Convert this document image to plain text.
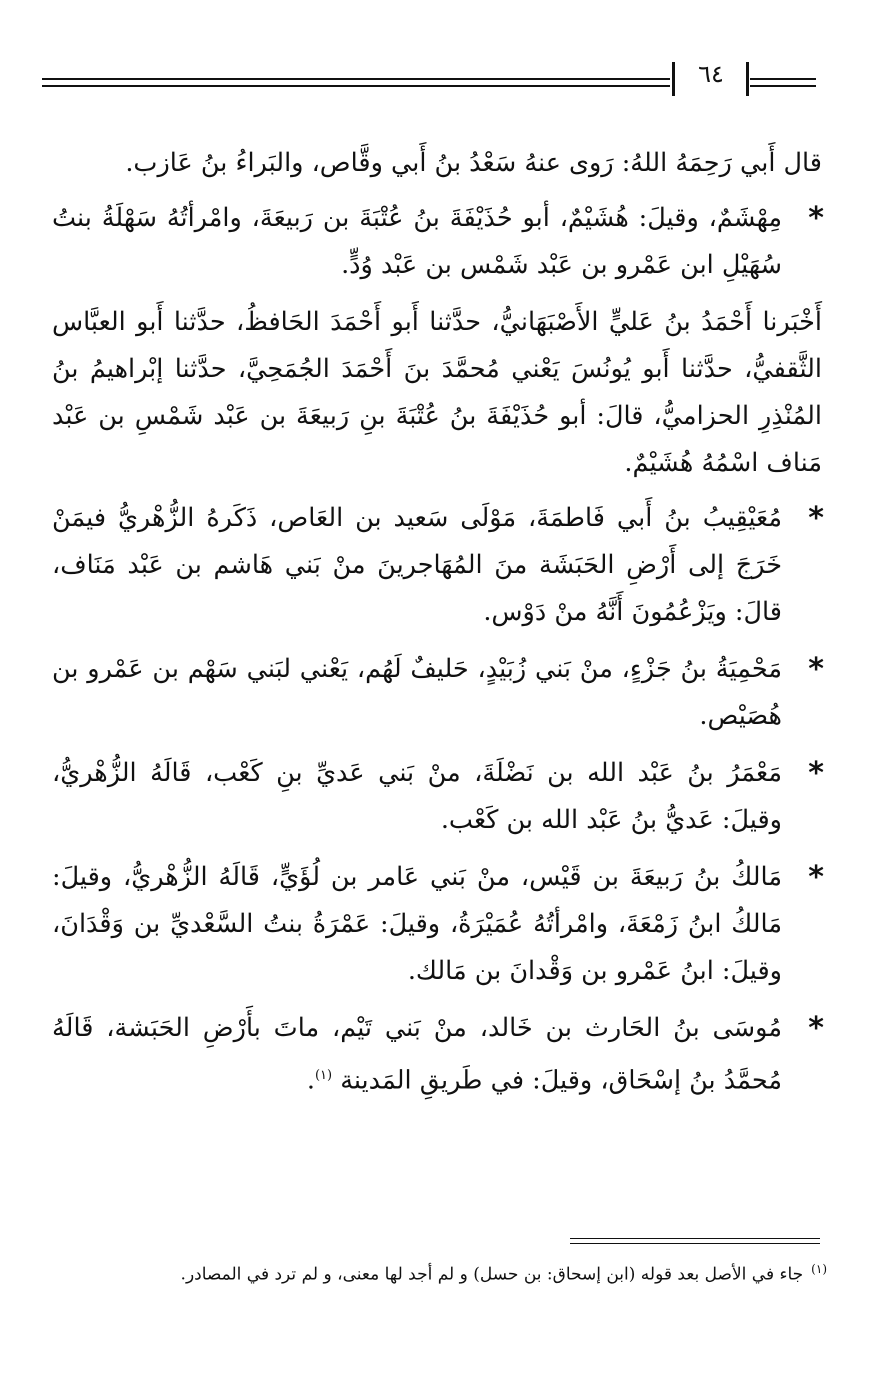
٦٤

قال أَبي رَحِمَهُ اللهُ: رَوى عنهُ سَعْدُ بنُ أَبي وقَّاص، والبَراءُ بنُ عَازب.

*
مِهْشَمٌ، وقيلَ: هُشَيْمٌ، أبو حُذَيْفَةَ بنُ عُتْبَةَ بن رَبيعَةَ، وامْرأتُهُ سَهْلَةُ بنتُ سُهَيْلِ ابن عَمْرو بن عَبْد شَمْس بن عَبْد وُدٍّ.

أَخْبَرنا أَحْمَدُ بنُ عَليٍّ الأَصْبَهَانيُّ، حدَّثنا أَبو أَحْمَدَ الحَافظُ، حدَّثنا أَبو العبَّاس الثَّقفيُّ، حدَّثنا أَبو يُونُسَ يَعْني مُحمَّدَ بنَ أَحْمَدَ الجُمَحِيَّ، حدَّثنا إبْراهيمُ بنُ المُنْذِرِ الحزاميُّ، قالَ: أبو حُذَيْفَةَ بنُ عُتْبَةَ بنِ رَبيعَةَ بن عَبْد شَمْسِ بن عَبْد مَناف اسْمُهُ هُشَيْمٌ.

*
مُعَيْقِيبُ بنُ أَبي فَاطمَةَ، مَوْلَى سَعيد بن العَاص، ذَكَرهُ الزُّهْريُّ فيمَنْ خَرَجَ إلى أَرْضِ الحَبَشَة منَ المُهَاجرينَ منْ بَني هَاشم بن عَبْد مَنَاف، قالَ: ويَزْعُمُونَ أَنَّهُ منْ دَوْس.
*
مَحْمِيَةُ بنُ جَزْءٍ، منْ بَني زُبَيْدٍ، حَليفٌ لَهُم، يَعْني لبَني سَهْم بن عَمْرو بن هُصَيْص.
*
مَعْمَرُ بنُ عَبْد الله بن نَضْلَةَ، منْ بَني عَديِّ بنِ كَعْب، قَالَهُ الزُّهْريُّ، وقيلَ: عَديُّ بنُ عَبْد الله بن كَعْب.
*
مَالكُ بنُ رَبيعَةَ بن قَيْس، منْ بَني عَامر بن لُؤَيٍّ، قَالَهُ الزُّهْريُّ، وقيلَ: مَالكُ ابنُ زَمْعَةَ، وامْرأتُهُ عُمَيْرَةُ، وقيلَ: عَمْرَةُ بنتُ السَّعْديِّ بن وَقْدَانَ، وقيلَ: ابنُ عَمْرو بن وَقْدانَ بن مَالك.
*
مُوسَى بنُ الحَارث بن خَالد، منْ بَني تَيْم، ماتَ بأَرْضِ الحَبَشة، قَالَهُ مُحمَّدُ بنُ إسْحَاق، وقيلَ: في طَريقِ المَدينة $^{(١)}$.
$^{(١)}$جاء في الأصل بعد قوله (ابن إسحاق: بن حسل) و لم أجد لها معنى، و لم ترد في المصادر.
